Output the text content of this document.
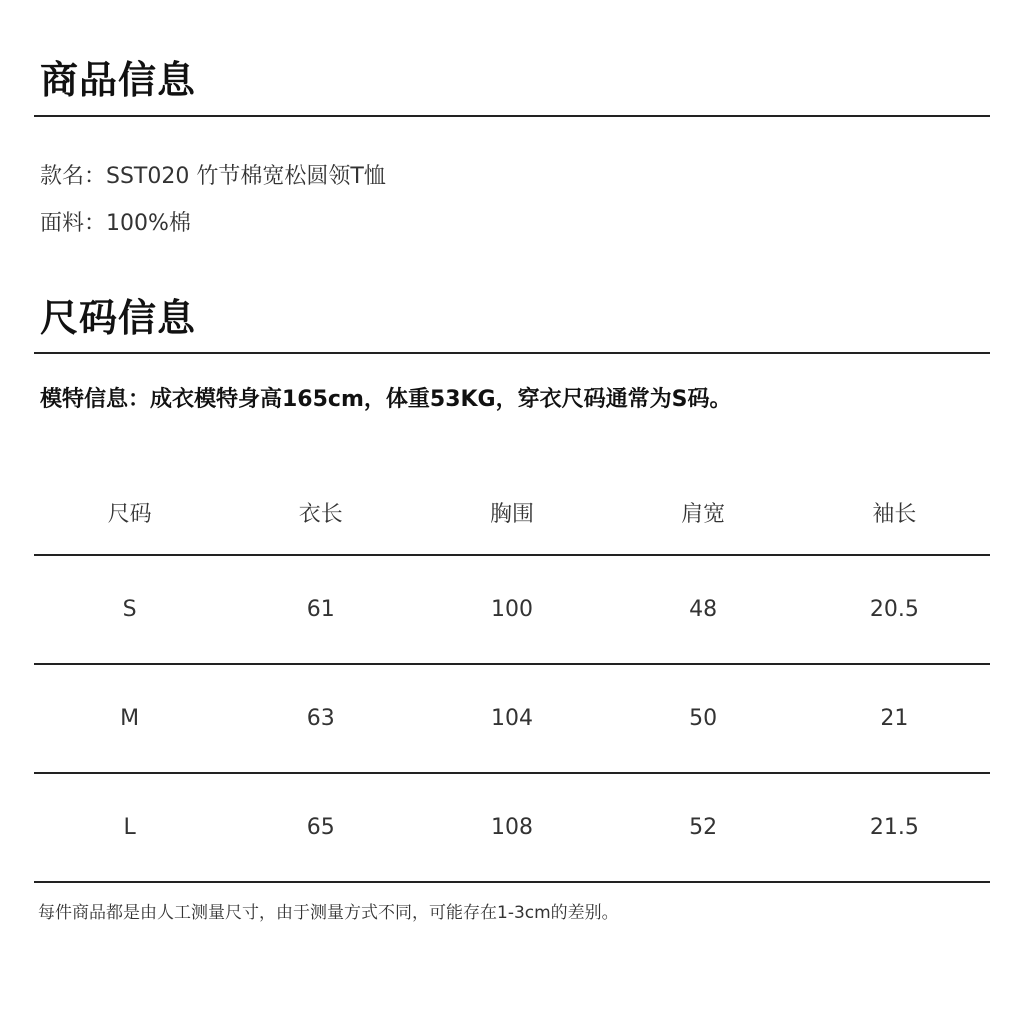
商品信息
款名：SST020 竹节棉宽松圆领T恤
面料：100%棉
尺码信息
模特信息：成衣模特身高165cm，体重53KG，穿衣尺码通常为S码。
尺码	衣长	胸围	肩宽	袖长
S	61	100	48	20.5
M	63	104	50	21
L	65	108	52	21.5
每件商品都是由人工测量尺寸，由于测量方式不同，可能存在1-3cm的差别。
